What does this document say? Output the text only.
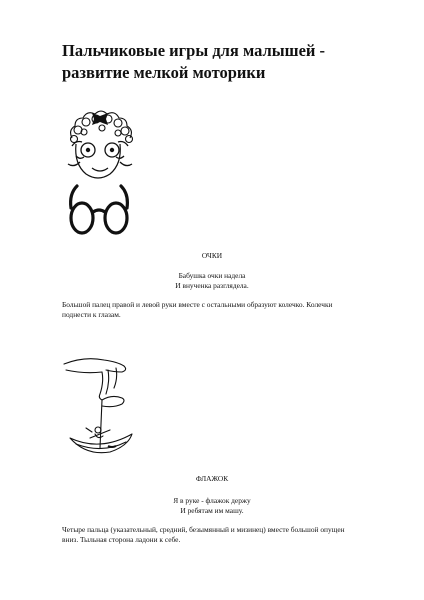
Пальчиковые игры для малышей - развитие мелкой моторики
ОЧКИ
Бабушка очки надела
И внученка разглядела.

Большой палец правой и левой руки вместе с остальными образуют колечко. Колечки поднести к глазам.

ФЛАЖОК
Я в руке - флажок держу
И ребятам им машу.

Четыре пальца (указательный, средний, безымянный и мизинец) вместе большой опущен вниз. Тыльная сторона ладони к себе.
